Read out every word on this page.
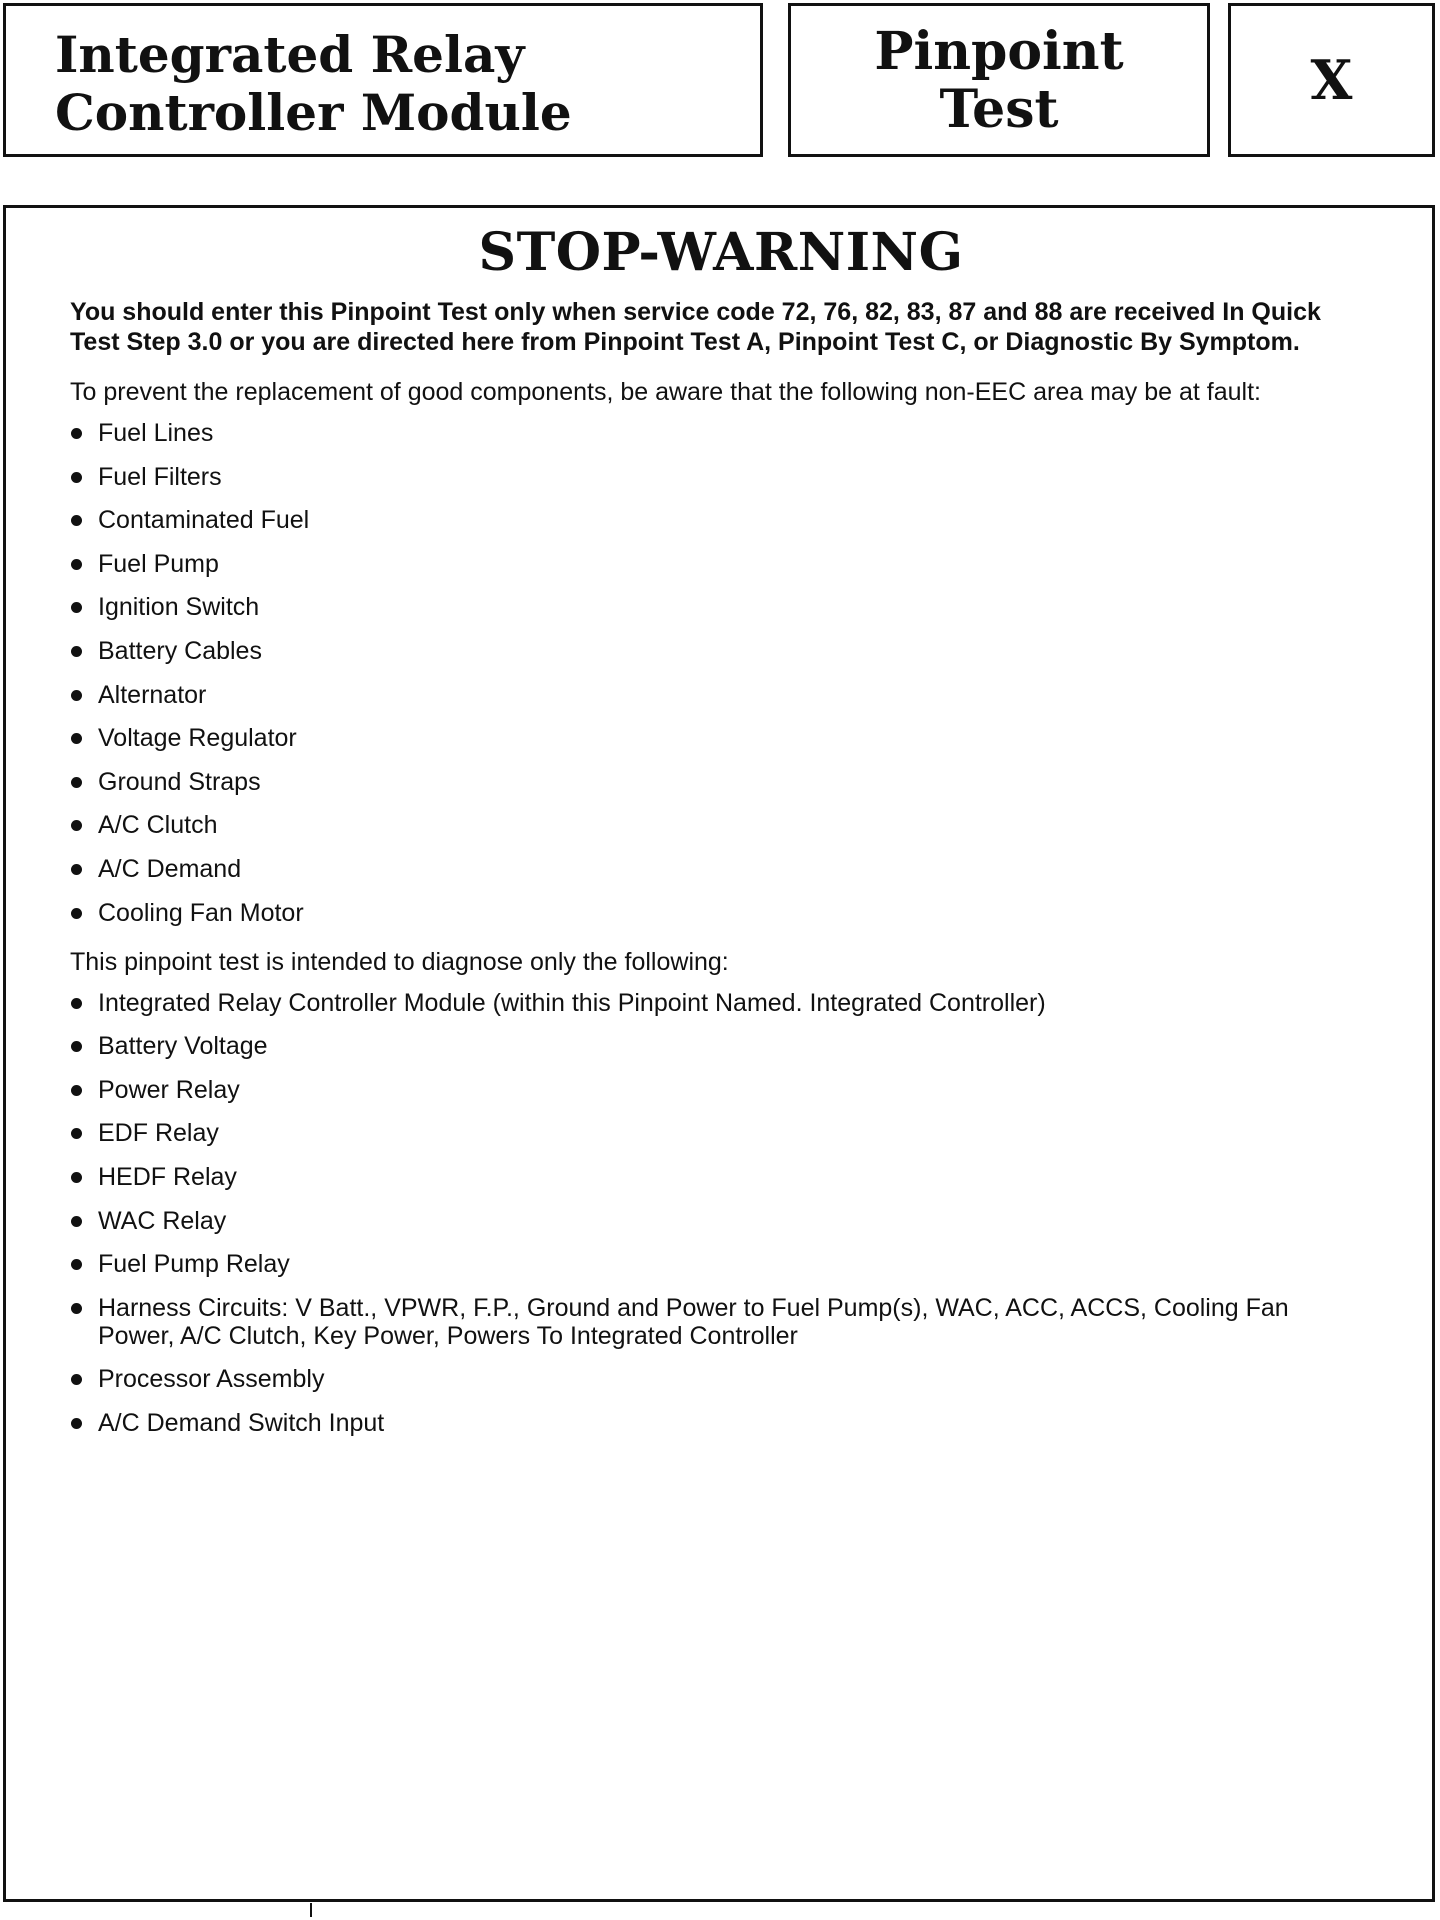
Integrated Relay
Controller Module
Pinpoint
Test	X
STOP-WARNING

You should enter this Pinpoint Test only when service code 72, 76, 82, 83, 87 and 88 are received In Quick Test Step 3.0 or you are directed here from Pinpoint Test A, Pinpoint Test C, or Diagnostic By Symptom.

To prevent the replacement of good components, be aware that the following non-EEC area may be at fault:

Fuel Lines
Fuel Filters
Contaminated Fuel
Fuel Pump
Ignition Switch
Battery Cables
Alternator
Voltage Regulator
Ground Straps
A/C Clutch
A/C Demand
Cooling Fan Motor

This pinpoint test is intended to diagnose only the following:

Integrated Relay Controller Module (within this Pinpoint Named. Integrated Controller)
Battery Voltage
Power Relay
EDF Relay
HEDF Relay
WAC Relay
Fuel Pump Relay
Harness Circuits: V Batt., VPWR, F.P., Ground and Power to Fuel Pump(s), WAC, ACC, ACCS, Cooling Fan Power, A/C Clutch, Key Power, Powers To Integrated Controller
Processor Assembly
A/C Demand Switch Input
